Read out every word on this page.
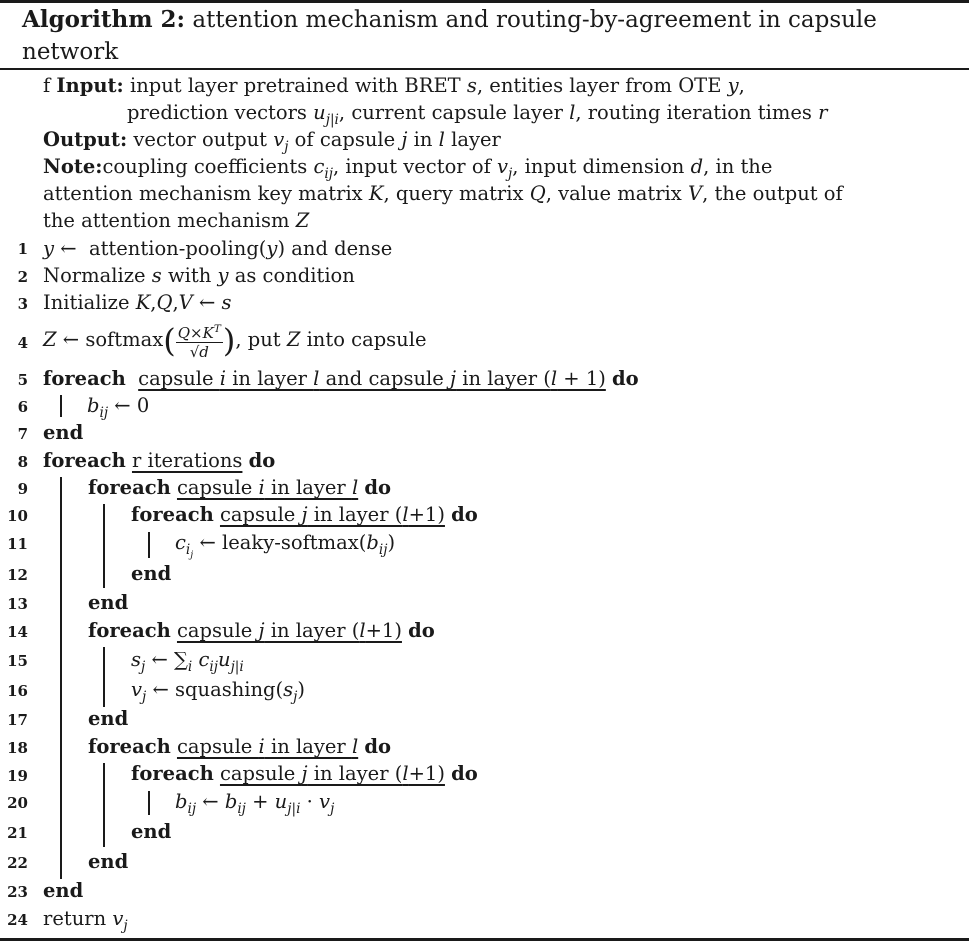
Algorithm 2: attention mechanism and routing-by-agreement in capsule network
f Input: input layer pretrained with BRET s, entities layer from OTE y,
prediction vectors $u_{j|i}$, current capsule layer l, routing iteration times r
Output: vector output $v_j$ of capsule j in l layer
Note:coupling coefficients $c_{ij}$, input vector of $v_j$, input dimension d, in the
attention mechanism key matrix K, query matrix Q, value matrix V, the output of
the attention mechanism Z
1
2
3
4
5
6
7
8
9
10
11
12
13
14
15
16
17
18
19
20
21
22
23
24
y ←  attention-pooling(y) and dense
Normalize s with y as condition
Initialize K,Q,V ← s
Z ← softmax( $\frac{Q\times K^T}{√d}$ ), put Z into capsule
foreach capsule i in layer l and capsule j in layer (l + 1) do
$b_{ij}$ ← 0
end
foreach r iterations do
foreach capsule i in layer l do
foreach capsule j in layer (l+1) do
$c_{i_j}$ ← leaky-$softmax(b_{ij})$
end
end
foreach capsule j in layer (l+1) do
$s_j$ ← $\sum_i$ $c_{ij}u_{j|i}$
$v_j$ ← $squashing(s_j)$
end
foreach capsule i in layer l do
foreach capsule j in layer (l+1) do
$b_{ij}$ ← $b_{ij} + u_{j|i} \cdot v_j$
end
end
end
return $v_j$
